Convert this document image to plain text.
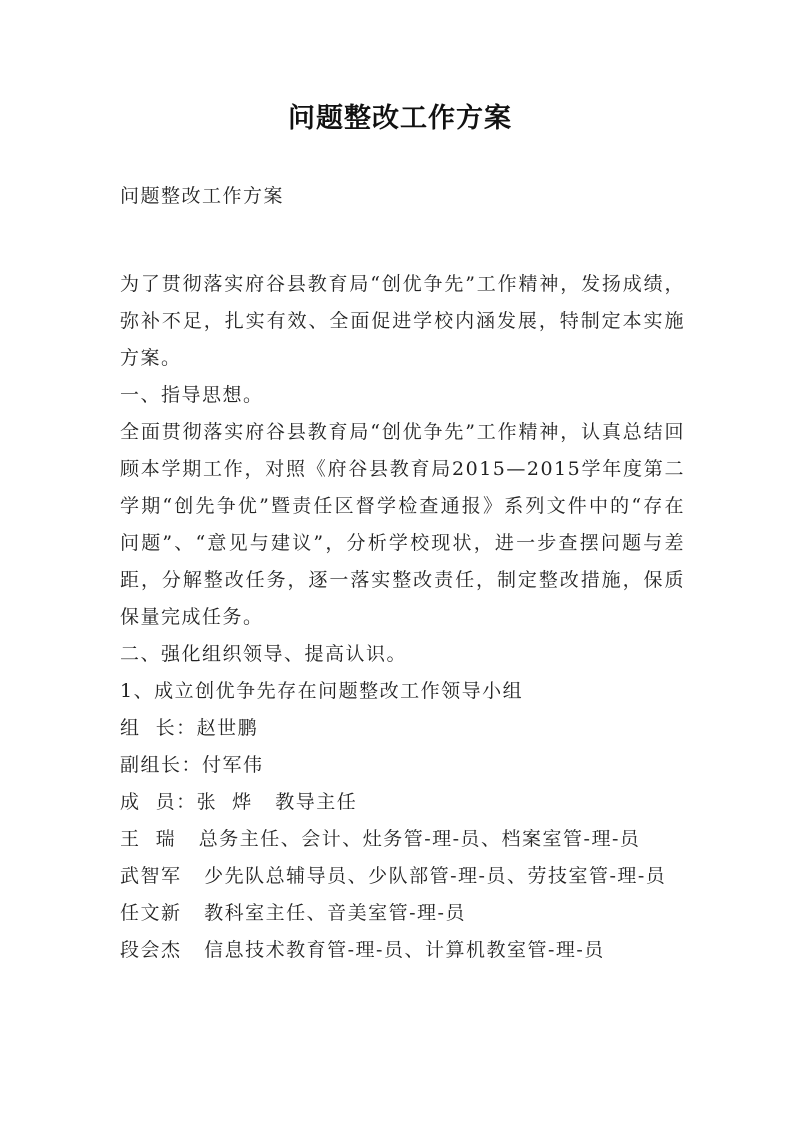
问题整改工作方案

问题整改工作方案

为了贯彻落实府谷县教育局“创优争先”工作精神，发扬成绩，弥补不足，扎实有效、全面促进学校内涵发展，特制定本实施方案。

一、指导思想。

全面贯彻落实府谷县教育局“创优争先”工作精神，认真总结回顾本学期工作，对照《府谷县教育局2015—2015学年度第二学期“创先争优”暨责任区督学检查通报》系列文件中的“存在问题”、“意见与建议”，分析学校现状，进一步查摆问题与差距，分解整改任务，逐一落实整改责任，制定整改措施，保质保量完成任务。

二、强化组织领导、提高认识。

1、成立创优争先存在问题整改工作领导小组

组  长：赵世鹏

副组长：付军伟

成  员：张  烨   教导主任

王  瑞   总务主任、会计、灶务管-理-员、档案室管-理-员

武智军   少先队总辅导员、少队部管-理-员、劳技室管-理-员

任文新   教科室主任、音美室管-理-员

段会杰   信息技术教育管-理-员、计算机教室管-理-员
